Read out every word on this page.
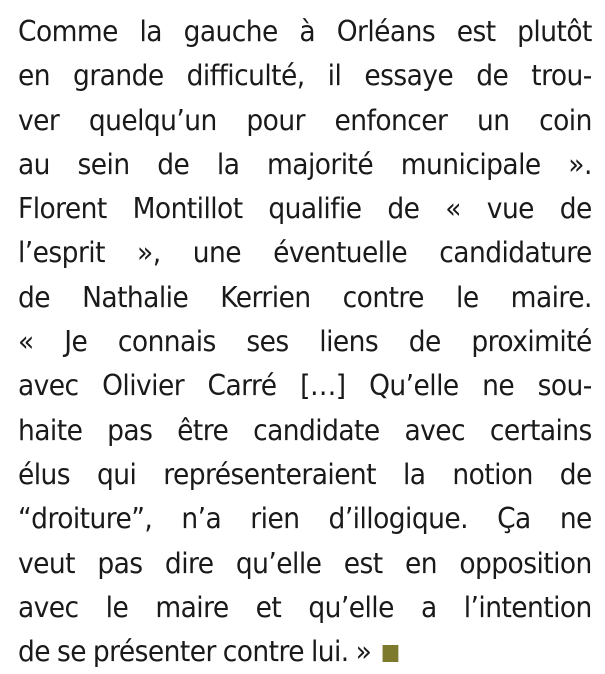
Comme la gauche à Orléans est plutôt
en grande difficulté, il essaye de trou-
ver quelqu’un pour enfoncer un coin
au sein de la majorité municipale ».
Florent Montillot qualifie de « vue de
l’esprit », une éventuelle candidature
de Nathalie Kerrien contre le maire.
« Je connais ses liens de proximité
avec Olivier Carré […] Qu’elle ne sou-
haite pas être candidate avec certains
élus qui représenteraient la notion de
“droiture”, n’a rien d’illogique. Ça ne
veut pas dire qu’elle est en opposition
avec le maire et qu’elle a l’intention
de se présenter contre lui. »
